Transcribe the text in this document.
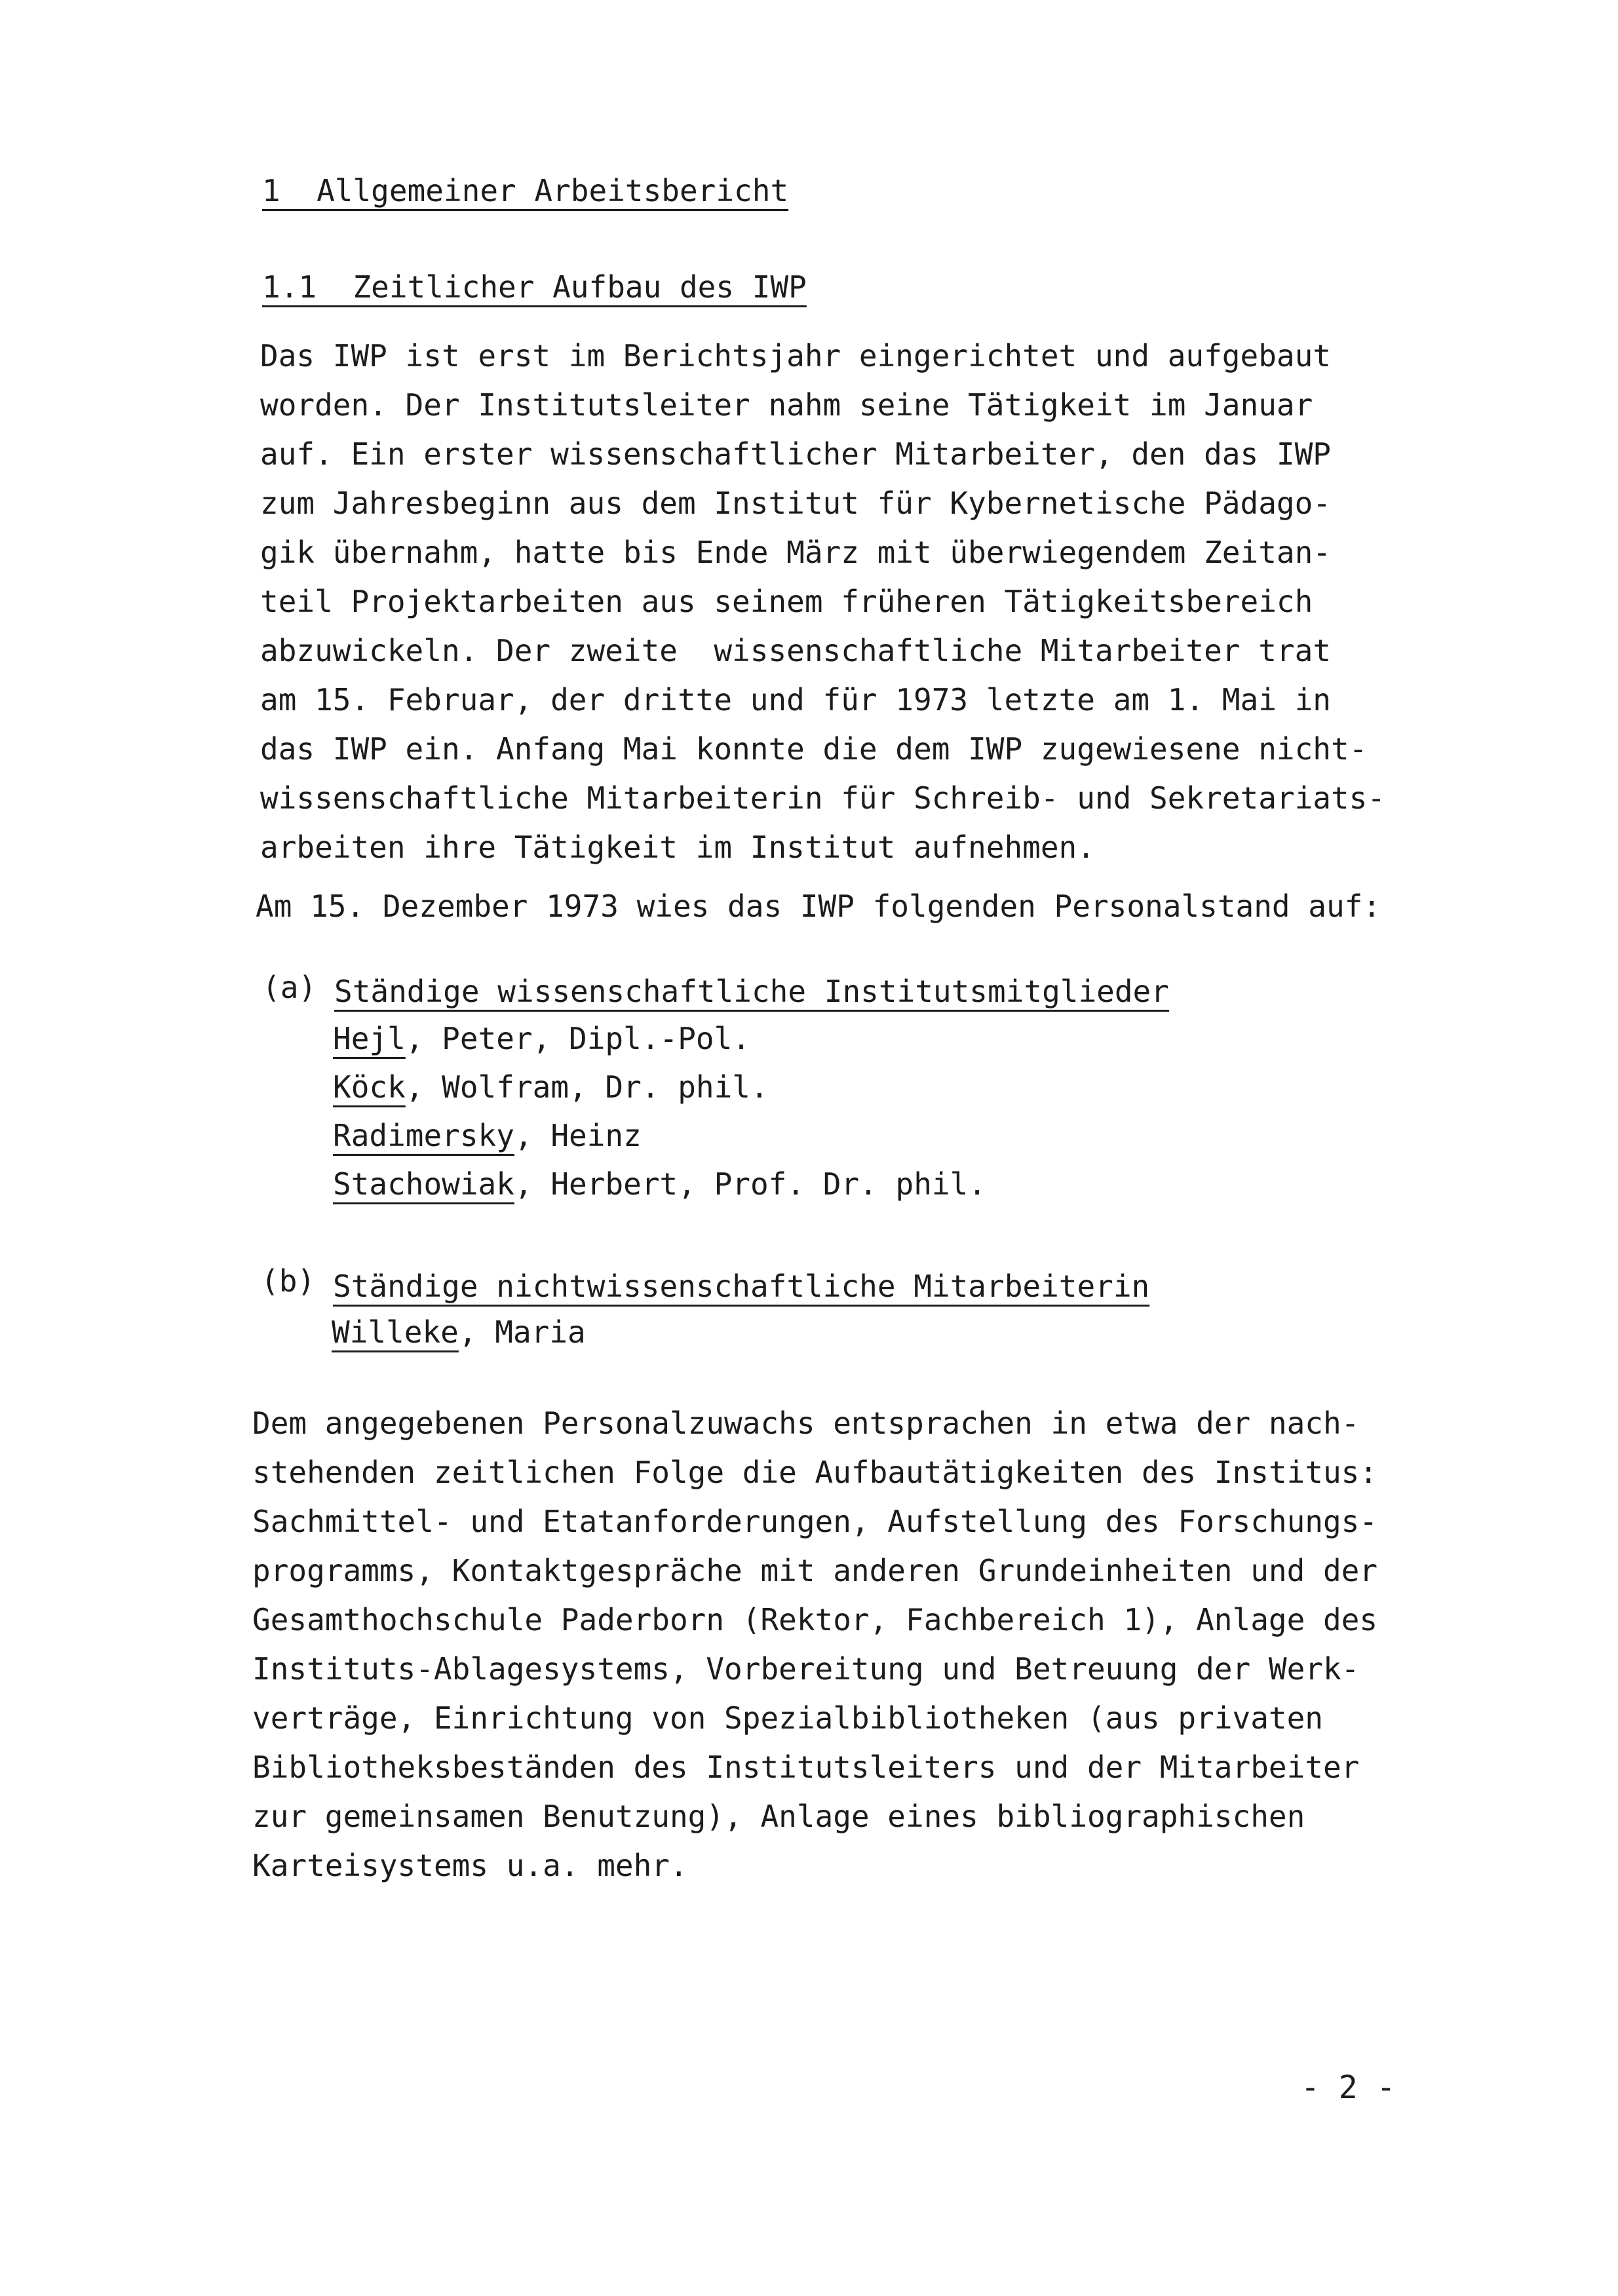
1  Allgemeiner Arbeitsbericht
1.1  Zeitlicher Aufbau des IWP
Das IWP ist erst im Berichtsjahr eingerichtet und aufgebaut
worden. Der Institutsleiter nahm seine Tätigkeit im Januar
auf. Ein erster wissenschaftlicher Mitarbeiter, den das IWP
zum Jahresbeginn aus dem Institut für Kybernetische Pädago-
gik übernahm, hatte bis Ende März mit überwiegendem Zeitan-
teil Projektarbeiten aus seinem früheren Tätigkeitsbereich
abzuwickeln. Der zweite  wissenschaftliche Mitarbeiter trat
am 15. Februar, der dritte und für 1973 letzte am 1. Mai in
das IWP ein. Anfang Mai konnte die dem IWP zugewiesene nicht-
wissenschaftliche Mitarbeiterin für Schreib- und Sekretariats-
arbeiten ihre Tätigkeit im Institut aufnehmen.
Am 15. Dezember 1973 wies das IWP folgenden Personalstand auf:
(a) Ständige wissenschaftliche Institutsmitglieder
Hejl, Peter, Dipl.-Pol.
Köck, Wolfram, Dr. phil.
Radimersky, Heinz
Stachowiak, Herbert, Prof. Dr. phil.
(b) Ständige nichtwissenschaftliche Mitarbeiterin
Willeke, Maria
Dem angegebenen Personalzuwachs entsprachen in etwa der nach-
stehenden zeitlichen Folge die Aufbautätigkeiten des Institus:
Sachmittel- und Etatanforderungen, Aufstellung des Forschungs-
programms, Kontaktgespräche mit anderen Grundeinheiten und der
Gesamthochschule Paderborn (Rektor, Fachbereich 1), Anlage des
Instituts-Ablagesystems, Vorbereitung und Betreuung der Werk-
verträge, Einrichtung von Spezialbibliotheken (aus privaten
Bibliotheksbeständen des Institutsleiters und der Mitarbeiter
zur gemeinsamen Benutzung), Anlage eines bibliographischen
Karteisystems u.a. mehr.
- 2 -
